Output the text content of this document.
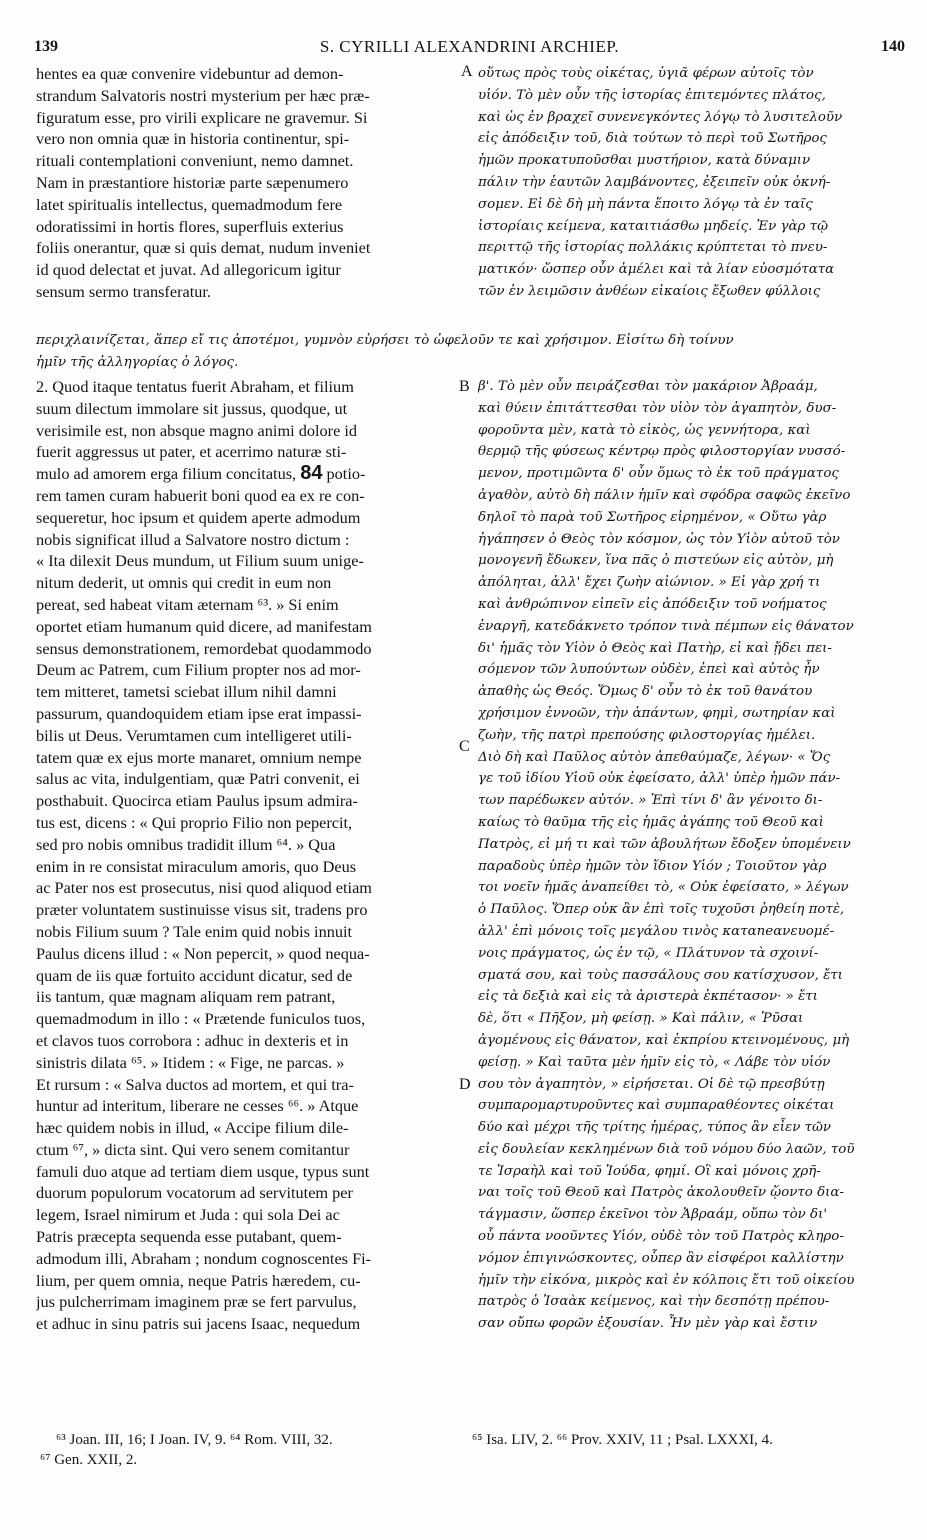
139	S. CYRILLI ALEXANDRINI ARCHIEP.	140
hentes ea quæ convenire videbuntur ad demon-
strandum Salvatoris nostri mysterium per hæc præ-
figuratum esse, pro virili explicare ne gravemur. Si
vero non omnia quæ in historia continentur, spi-
rituali contemplationi conveniunt, nemo damnet.
Nam in præstantiore historiæ parte sæpenumero
latet spiritualis intellectus, quemadmodum fere
odoratissimi in hortis flores, superfluis exterius
foliis onerantur, quæ si quis demat, nudum inveniet
id quod delectat et juvat. Ad allegoricum igitur
sensum sermo transferatur.
οὕτως πρὸς τοὺς οἰκέτας, ὑγιᾶ φέρων αὐτοῖς τὸν
υἱόν. Τὸ μὲν οὖν τῆς ἱστορίας ἐπιτεμόντες πλάτος,
καὶ ὡς ἐν βραχεῖ συνενεγκόντες λόγῳ τὸ λυσιτελοῦν
εἰς ἀπόδειξιν τοῦ, διὰ τούτων τὸ περὶ τοῦ Σωτῆρος
ἡμῶν προκατυποῦσθαι μυστήριον, κατὰ δύναμιν
πάλιν τὴν ἑαυτῶν λαμβάνοντες, ἐξειπεῖν οὐκ ὀκνή-
σομεν. Εἰ δὲ δὴ μὴ πάντα ἕποιτο λόγῳ τὰ ἐν ταῖς
ἱστορίαις κείμενα, καταιτιάσθω μηδείς. Ἐν γὰρ τῷ
περιττῷ τῆς ἱστορίας πολλάκις κρύπτεται τὸ πνευ-
ματικόν· ὥσπερ οὖν ἀμέλει καὶ τὰ λίαν εὐοσμότατα
τῶν ἐν λειμῶσιν ἀνθέων εἰκαίοις ἔξωθεν φύλλοις
περιχλαινίζεται, ἅπερ εἴ τις ἀποτέμοι, γυμνὸν εὑρήσει τὸ ὠφελοῦν τε καὶ χρήσιμον. Εἰσίτω δὴ τοίνυν
ἡμῖν τῆς ἀλληγορίας ὁ λόγος.
2. Quod itaque tentatus fuerit Abraham, et filium
suum dilectum immolare sit jussus, quodque, ut
verisimile est, non absque magno animi dolore id
fuerit aggressus ut pater, et acerrimo naturæ sti-
mulo ad amorem erga filium concitatus, 84 potio-
rem tamen curam habuerit boni quod ea ex re con-
sequeretur, hoc ipsum et quidem aperte admodum
nobis significat illud a Salvatore nostro dictum :
« Ita dilexit Deus mundum, ut Filium suum unige-
nitum dederit, ut omnis qui credit in eum non
pereat, sed habeat vitam æternam ⁶³. » Si enim
oportet etiam humanum quid dicere, ad manifestam
sensus demonstrationem, remordebat quodammodo
Deum ac Patrem, cum Filium propter nos ad mor-
tem mitteret, tametsi sciebat illum nihil damni
passurum, quandoquidem etiam ipse erat impassi-
bilis ut Deus. Verumtamen cum intelligeret utili-
tatem quæ ex ejus morte manaret, omnium nempe
salus ac vita, indulgentiam, quæ Patri convenit, ei
posthabuit. Quocirca etiam Paulus ipsum admira-
tus est, dicens : « Qui proprio Filio non pepercit,
sed pro nobis omnibus tradidit illum ⁶⁴. » Qua
enim in re consistat miraculum amoris, quo Deus
ac Pater nos est prosecutus, nisi quod aliquod etiam
præter voluntatem sustinuisse visus sit, tradens pro
nobis Filium suum ? Tale enim quid nobis innuit
Paulus dicens illud : « Non pepercit, » quod nequa-
quam de iis quæ fortuito accidunt dicatur, sed de
iis tantum, quæ magnam aliquam rem patrant,
quemadmodum in illo : « Prætende funiculos tuos,
et clavos tuos corrobora : adhuc in dexteris et in
sinistris dilata ⁶⁵. » Itidem : « Fige, ne parcas. »
Et rursum : « Salva ductos ad mortem, et qui tra-
huntur ad interitum, liberare ne cesses ⁶⁶. » Atque
hæc quidem nobis in illud, « Accipe filium dile-
ctum ⁶⁷, » dicta sint. Qui vero senem comitantur
famuli duo atque ad tertiam diem usque, typus sunt
duorum populorum vocatorum ad servitutem per
legem, Israel nimirum et Juda : qui sola Dei ac
Patris præcepta sequenda esse putabant, quem-
admodum illi, Abraham ; nondum cognoscentes Fi-
lium, per quem omnia, neque Patris hæredem, cu-
jus pulcherrimam imaginem præ se fert parvulus,
et adhuc in sinu patris sui jacens Isaac, nequedum
β'. Τὸ μὲν οὖν πειράζεσθαι τὸν μακάριον Ἀβραάμ,
καὶ θύειν ἐπιτάττεσθαι τὸν υἱὸν τὸν ἀγαπητὸν, δυσ-
φοροῦντα μὲν, κατὰ τὸ εἰκὸς, ὡς γεννήτορα, καὶ
θερμῷ τῆς φύσεως κέντρῳ πρὸς φιλοστοργίαν νυσσό-
μενον, προτιμῶντα δ' οὖν ὅμως τὸ ἐκ τοῦ πράγματος
ἀγαθὸν, αὐτὸ δὴ πάλιν ἡμῖν καὶ σφόδρα σαφῶς ἐκεῖνο
δηλοῖ τὸ παρὰ τοῦ Σωτῆρος εἰρημένον, « Οὕτω γὰρ
ἠγάπησεν ὁ Θεὸς τὸν κόσμον, ὡς τὸν Υἱὸν αὐτοῦ τὸν
μονογενῆ ἔδωκεν, ἵνα πᾶς ὁ πιστεύων εἰς αὐτὸν, μὴ
ἀπόληται, ἀλλ' ἔχει ζωὴν αἰώνιον. » Εἰ γὰρ χρή τι
καὶ ἀνθρώπινον εἰπεῖν εἰς ἀπόδειξιν τοῦ νοήματος
ἐναργῆ, κατεδάκνετο τρόπον τινὰ πέμπων εἰς θάνατον
δι' ἡμᾶς τὸν Υἱὸν ὁ Θεὸς καὶ Πατὴρ, εἰ καὶ ᾔδει πει-
σόμενον τῶν λυπούντων οὐδὲν, ἐπεὶ καὶ αὐτὸς ἦν
ἀπαθὴς ὡς Θεός. Ὅμως δ' οὖν τὸ ἐκ τοῦ θανάτου
χρήσιμον ἐννοῶν, τὴν ἁπάντων, φημὶ, σωτηρίαν καὶ
ζωὴν, τῆς πατρὶ πρεπούσης φιλοστοργίας ἠμέλει.
Διὸ δὴ καὶ Παῦλος αὐτὸν ἀπεθαύμαζε, λέγων· « Ὅς
γε τοῦ ἰδίου Υἱοῦ οὐκ ἐφείσατο, ἀλλ' ὑπὲρ ἡμῶν πάν-
των παρέδωκεν αὐτόν. » Ἐπὶ τίνι δ' ἂν γένοιτο δι-
καίως τὸ θαῦμα τῆς εἰς ἡμᾶς ἀγάπης τοῦ Θεοῦ καὶ
Πατρὸς, εἰ μή τι καὶ τῶν ἀβουλήτων ἔδοξεν ὑπομένειν
παραδοὺς ὑπὲρ ἡμῶν τὸν ἴδιον Υἱόν ; Τοιοῦτον γὰρ
τοι νοεῖν ἡμᾶς ἀναπείθει τὸ, « Οὐκ ἐφείσατο, » λέγων
ὁ Παῦλος. Ὅπερ οὐκ ἂν ἐπὶ τοῖς τυχοῦσι ῥηθείη ποτὲ,
ἀλλ' ἐπὶ μόνοις τοῖς μεγάλου τινὸς καταneανευομέ-
νοις πράγματος, ὡς ἐν τῷ, « Πλάτυνον τὰ σχοινί-
σματά σου, καὶ τοὺς πασσάλους σου κατίσχυσον, ἔτι
εἰς τὰ δεξιὰ καὶ εἰς τὰ ἀριστερὰ ἐκπέτασον· » ἔτι
δὲ, ὅτι « Πῆξον, μὴ φείσῃ. » Καὶ πάλιν, « Ῥῦσαι
ἀγομένους εἰς θάνατον, καὶ ἐκπρίου κτεινομένους, μὴ
φείσῃ. » Καὶ ταῦτα μὲν ἡμῖν εἰς τὸ, « Λάβε τὸν υἱόν
σου τὸν ἀγαπητὸν, » εἰρήσεται. Οἱ δὲ τῷ πρεσβύτῃ
συμπαρομαρτυροῦντες καὶ συμπαραθέοντες οἰκέται
δύο καὶ μέχρι τῆς τρίτης ἡμέρας, τύπος ἂν εἶεν τῶν
εἰς δουλείαν κεκλημένων διὰ τοῦ νόμου δύο λαῶν, τοῦ
τε Ἰσραὴλ καὶ τοῦ Ἰούδα, φημί. Οἳ καὶ μόνοις χρῆ-
ναι τοῖς τοῦ Θεοῦ καὶ Πατρὸς ἀκολουθεῖν ᾤοντο δια-
τάγμασιν, ὥσπερ ἐκεῖνοι τὸν Ἀβραάμ, οὔπω τὸν δι'
οὗ πάντα νοοῦντες Υἱόν, οὐδὲ τὸν τοῦ Πατρὸς κληρο-
νόμον ἐπιγινώσκοντες, οὗπερ ἂν εἰσφέροι καλλίστην
ἡμῖν τὴν εἰκόνα, μικρὸς καὶ ἐν κόλποις ἔτι τοῦ οἰκείου
πατρὸς ὁ Ἰσαὰκ κείμενος, καὶ τὴν δεσπότῃ πρέπου-
σαν οὔπω φορῶν ἐξουσίαν. Ἦν μὲν γὰρ καὶ ἔστιν
A
B
C
D
⁶³ Joan. III, 16; I Joan. IV, 9. ⁶⁴ Rom. VIII, 32.
⁶⁷ Gen. XXII, 2.
⁶⁵ Isa. LIV, 2. ⁶⁶ Prov. XXIV, 11 ; Psal. LXXXI, 4.
